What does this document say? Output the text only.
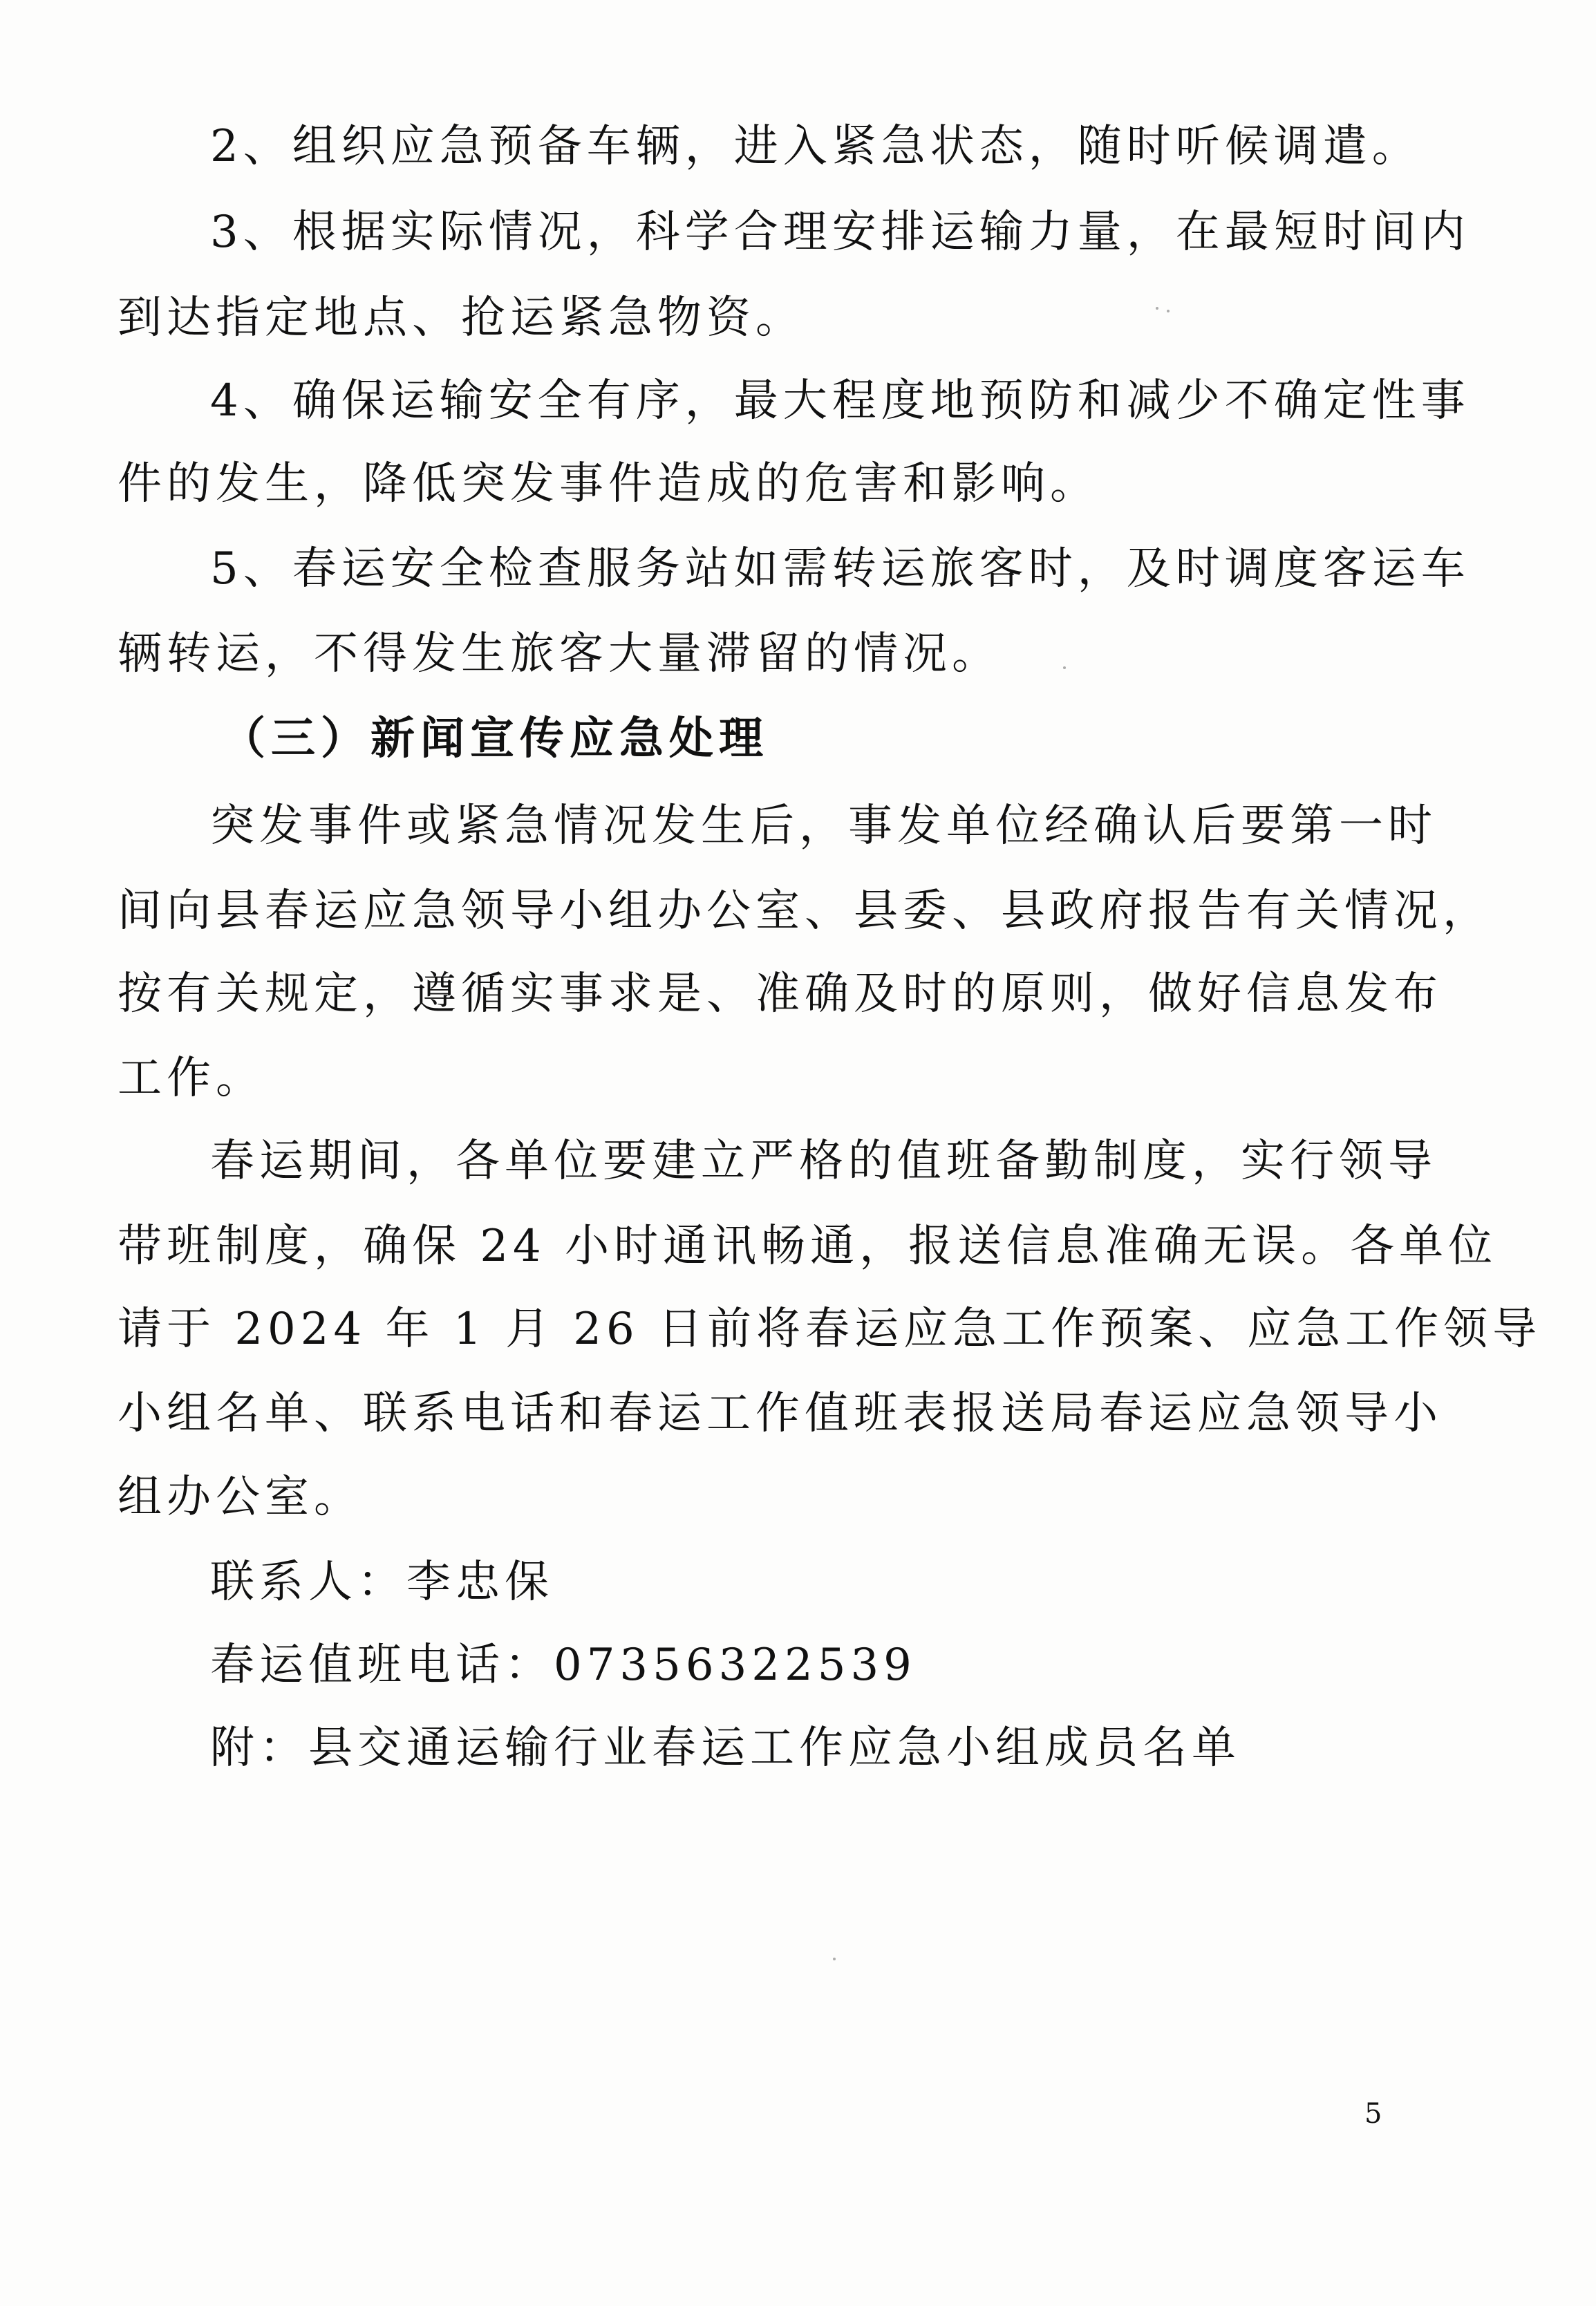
2、组织应急预备车辆，进入紧急状态，随时听候调遣。
3、根据实际情况，科学合理安排运输力量，在最短时间内
到达指定地点、抢运紧急物资。
4、确保运输安全有序，最大程度地预防和减少不确定性事
件的发生，降低突发事件造成的危害和影响。
5、春运安全检查服务站如需转运旅客时，及时调度客运车
辆转运，不得发生旅客大量滞留的情况。
（三）新闻宣传应急处理
突发事件或紧急情况发生后，事发单位经确认后要第一时
间向县春运应急领导小组办公室、县委、县政府报告有关情况，
按有关规定，遵循实事求是、准确及时的原则，做好信息发布
工作。
春运期间，各单位要建立严格的值班备勤制度，实行领导
带班制度，确保 24 小时通讯畅通，报送信息准确无误。各单位
请于 2024 年 1 月 26 日前将春运应急工作预案、应急工作领导
小组名单、联系电话和春运工作值班表报送局春运应急领导小
组办公室。
联系人：李忠保
春运值班电话：07356322539
附：县交通运输行业春运工作应急小组成员名单
5
